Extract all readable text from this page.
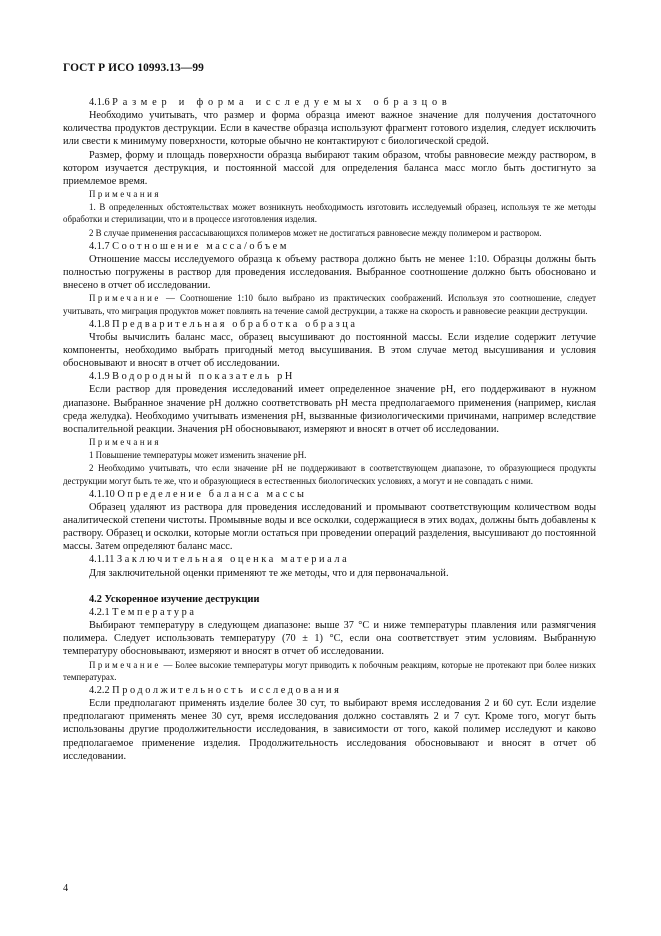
ГОСТ Р ИСО 10993.13—99

4.1.6 Размер и форма исследуемых образцов

Необходимо учитывать, что размер и форма образца имеют важное значение для получения достаточного количества продуктов деструкции. Если в качестве образца используют фрагмент готового изделия, следует исключить или свести к минимуму поверхности, которые обычно не контактируют с биологической средой.

Размер, форму и площадь поверхности образца выбирают таким образом, чтобы равновесие между раствором, в котором изучается деструкция, и постоянной массой для определения баланса масс могло быть достигнуто за приемлемое время.

Примечания

1. В определенных обстоятельствах может возникнуть необходимость изготовить исследуемый образец, используя те же методы обработки и стерилизации, что и в процессе изготовления изделия.

2 В случае применения рассасывающихся полимеров может не достигаться равновесие между полимером и раствором.

4.1.7 Соотношение массa/объем

Отношение массы исследуемого образца к объему раствора должно быть не менее 1:10. Образцы должны быть полностью погружены в раствор для проведения исследования. Выбранное соотношение должно быть обосновано и внесено в отчет об исследовании.

Примечание — Соотношение 1:10 было выбрано из практических соображений. Используя это соотношение, следует учитывать, что миграция продуктов может повлиять на течение самой деструкции, а также на скорость и равновесие реакции деструкции.

4.1.8 Предварительная обработка образца

Чтобы вычислить баланс масс, образец высушивают до постоянной массы. Если изделие содержит летучие компоненты, необходимо выбрать пригодный метод высушивания. В этом случае метод высушивания и условия обосновывают и вносят в отчет об исследовании.

4.1.9 Водородный показатель pH

Если раствор для проведения исследований имеет определенное значение рН, его поддерживают в нужном диапазоне. Выбранное значение рН должно соответствовать рН места предполагаемого применения (например, кислая среда желудка). Необходимо учитывать изменения рН, вызванные физиологическими причинами, например вследствие воспалительной реакции. Значения рН обосновывают, измеряют и вносят в отчет об исследовании.

Примечания

1 Повышение температуры может изменить значение рН.

2 Необходимо учитывать, что если значение рН не поддерживают в соответствующем диапазоне, то образующиеся продукты деструкции могут быть те же, что и образующиеся в естественных биологических условиях, а могут и не совпадать с ними.

4.1.10 Определение баланса массы

Образец удаляют из раствора для проведения исследований и промывают соответствующим количеством воды аналитической степени чистоты. Промывные воды и все осколки, содержащиеся в этих водах, должны быть добавлены к раствору. Образец и осколки, которые могли остаться при проведении операций разделения, высушивают до постоянной массы. Затем определяют баланс масс.

4.1.11 Заключительная оценка материала

Для заключительной оценки применяют те же методы, что и для первоначальной.

4.2 Ускоренное изучение деструкции

4.2.1 Температура

Выбирают температуру в следующем диапазоне: выше 37 °С и ниже температуры плавления или размягчения полимера. Следует использовать температуру (70 ± 1) °С, если она соответствует этим условиям. Выбранную температуру обосновывают, измеряют и вносят в отчет об исследовании.

Примечание — Более высокие температуры могут приводить к побочным реакциям, которые не протекают при более низких температурах.

4.2.2 Продолжительность исследования

Если предполагают применять изделие более 30 сут, то выбирают время исследования 2 и 60 сут. Если изделие предполагают применять менее 30 сут, время исследования должно составлять 2 и 7 сут. Кроме того, могут быть использованы другие продолжительности исследования, в зависимости от того, какой полимер исследуют и каково предполагаемое применение изделия. Продолжительность исследования обосновывают и вносят в отчет об исследовании.

4
